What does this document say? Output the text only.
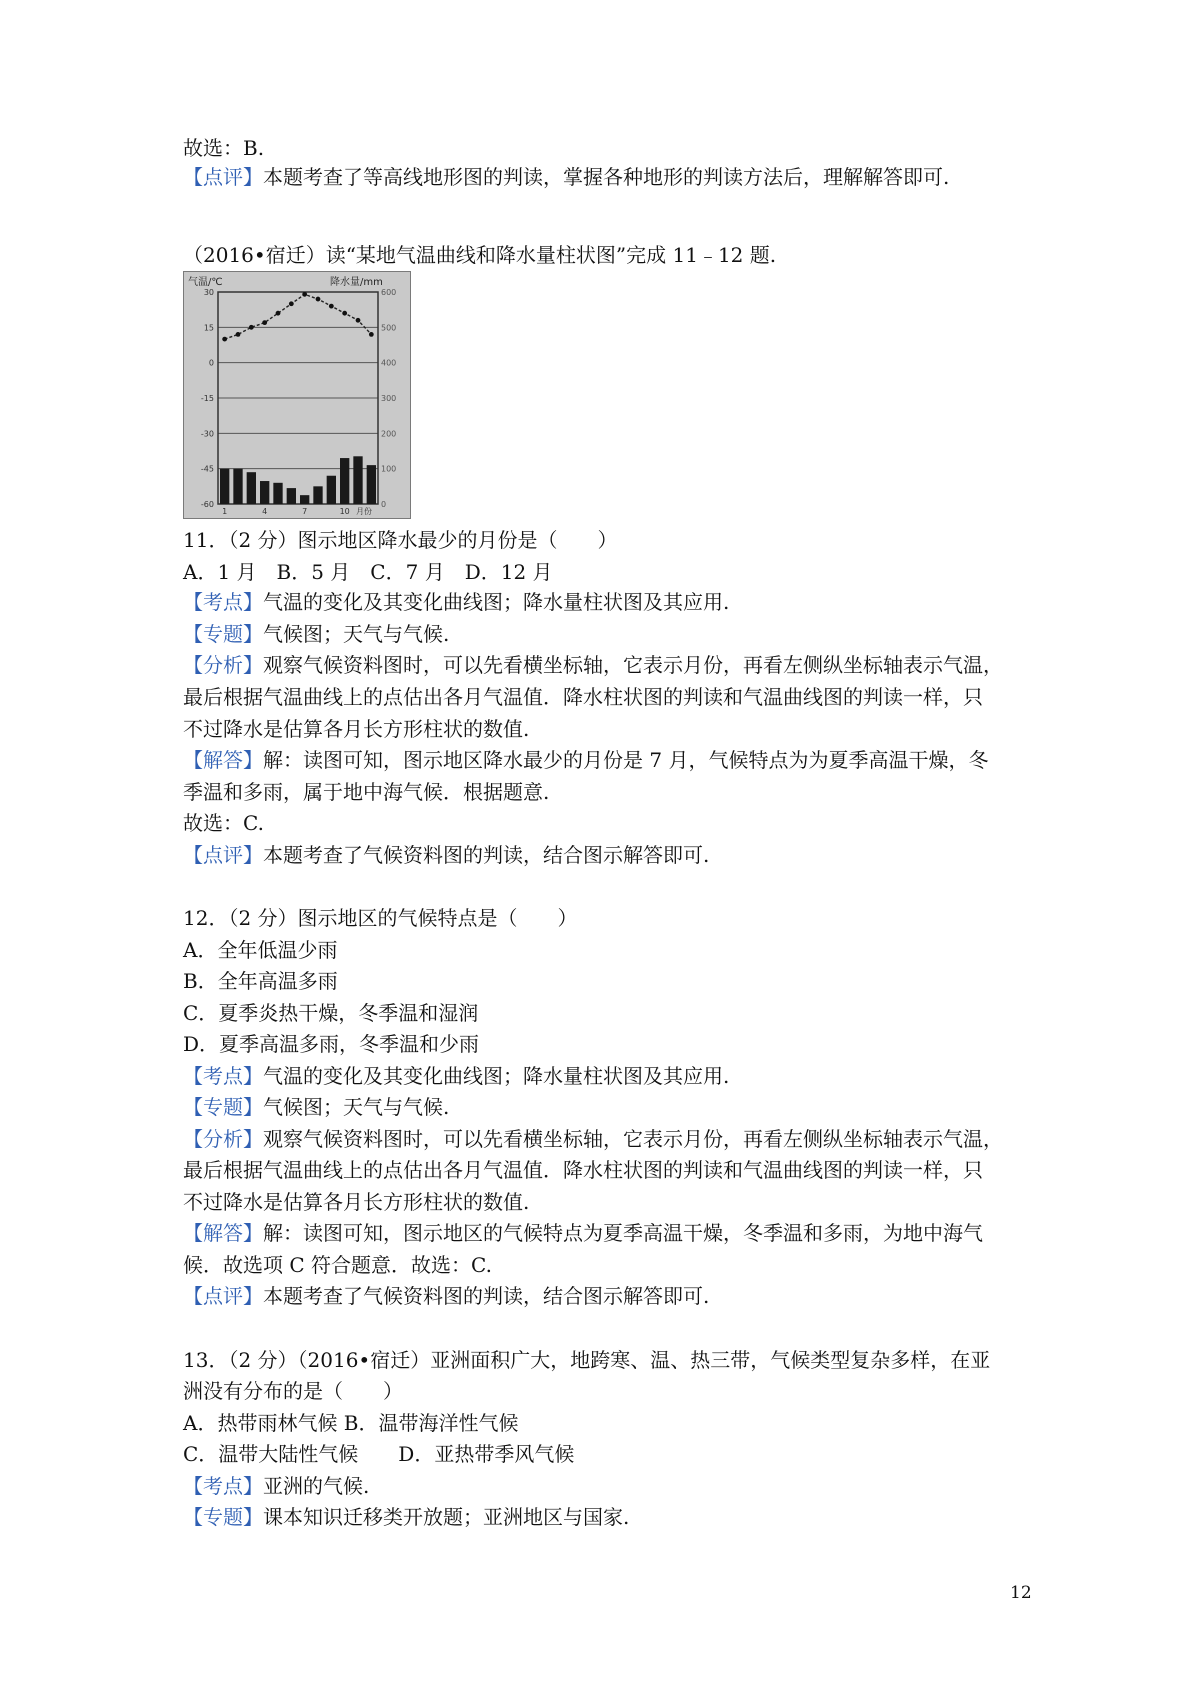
故选：B.
【点评】本题考查了等高线地形图的判读，掌握各种地形的判读方法后，理解解答即可.
（2016•宿迁）读“某地气温曲线和降水量柱状图”完成 11﹣12 题.
30
15
0
-15
-30
-45
-60
600
500
400
300
200
100
0
气温/℃	降水量/mm
1	4	7	10 月份
11．（2 分）图示地区降水最少的月份是（　　）
A．1 月　B．5 月　C．7 月　D．12 月
【考点】气温的变化及其变化曲线图；降水量柱状图及其应用.
【专题】气候图；天气与气候.
【分析】观察气候资料图时，可以先看横坐标轴，它表示月份，再看左侧纵坐标轴表示气温，
最后根据气温曲线上的点估出各月气温值．降水柱状图的判读和气温曲线图的判读一样，只
不过降水是估算各月长方形柱状的数值.
【解答】解：读图可知，图示地区降水最少的月份是 7 月，气候特点为为夏季高温干燥，冬
季温和多雨，属于地中海气候．根据题意.
故选：C.
【点评】本题考查了气候资料图的判读，结合图示解答即可.
12．（2 分）图示地区的气候特点是（　　）
A．全年低温少雨
B．全年高温多雨
C．夏季炎热干燥，冬季温和湿润
D．夏季高温多雨，冬季温和少雨
【考点】气温的变化及其变化曲线图；降水量柱状图及其应用.
【专题】气候图；天气与气候.
【分析】观察气候资料图时，可以先看横坐标轴，它表示月份，再看左侧纵坐标轴表示气温，
最后根据气温曲线上的点估出各月气温值．降水柱状图的判读和气温曲线图的判读一样，只
不过降水是估算各月长方形柱状的数值.
【解答】解：读图可知，图示地区的气候特点为夏季高温干燥，冬季温和多雨，为地中海气
候．故选项 C 符合题意．故选：C.
【点评】本题考查了气候资料图的判读，结合图示解答即可.
13．（2 分）（2016•宿迁）亚洲面积广大，地跨寒、温、热三带，气候类型复杂多样，在亚
洲没有分布的是（　　）
A．热带雨林气候 B．温带海洋性气候
C．温带大陆性气候　　D．亚热带季风气候
【考点】亚洲的气候.
【专题】课本知识迁移类开放题；亚洲地区与国家.
12
